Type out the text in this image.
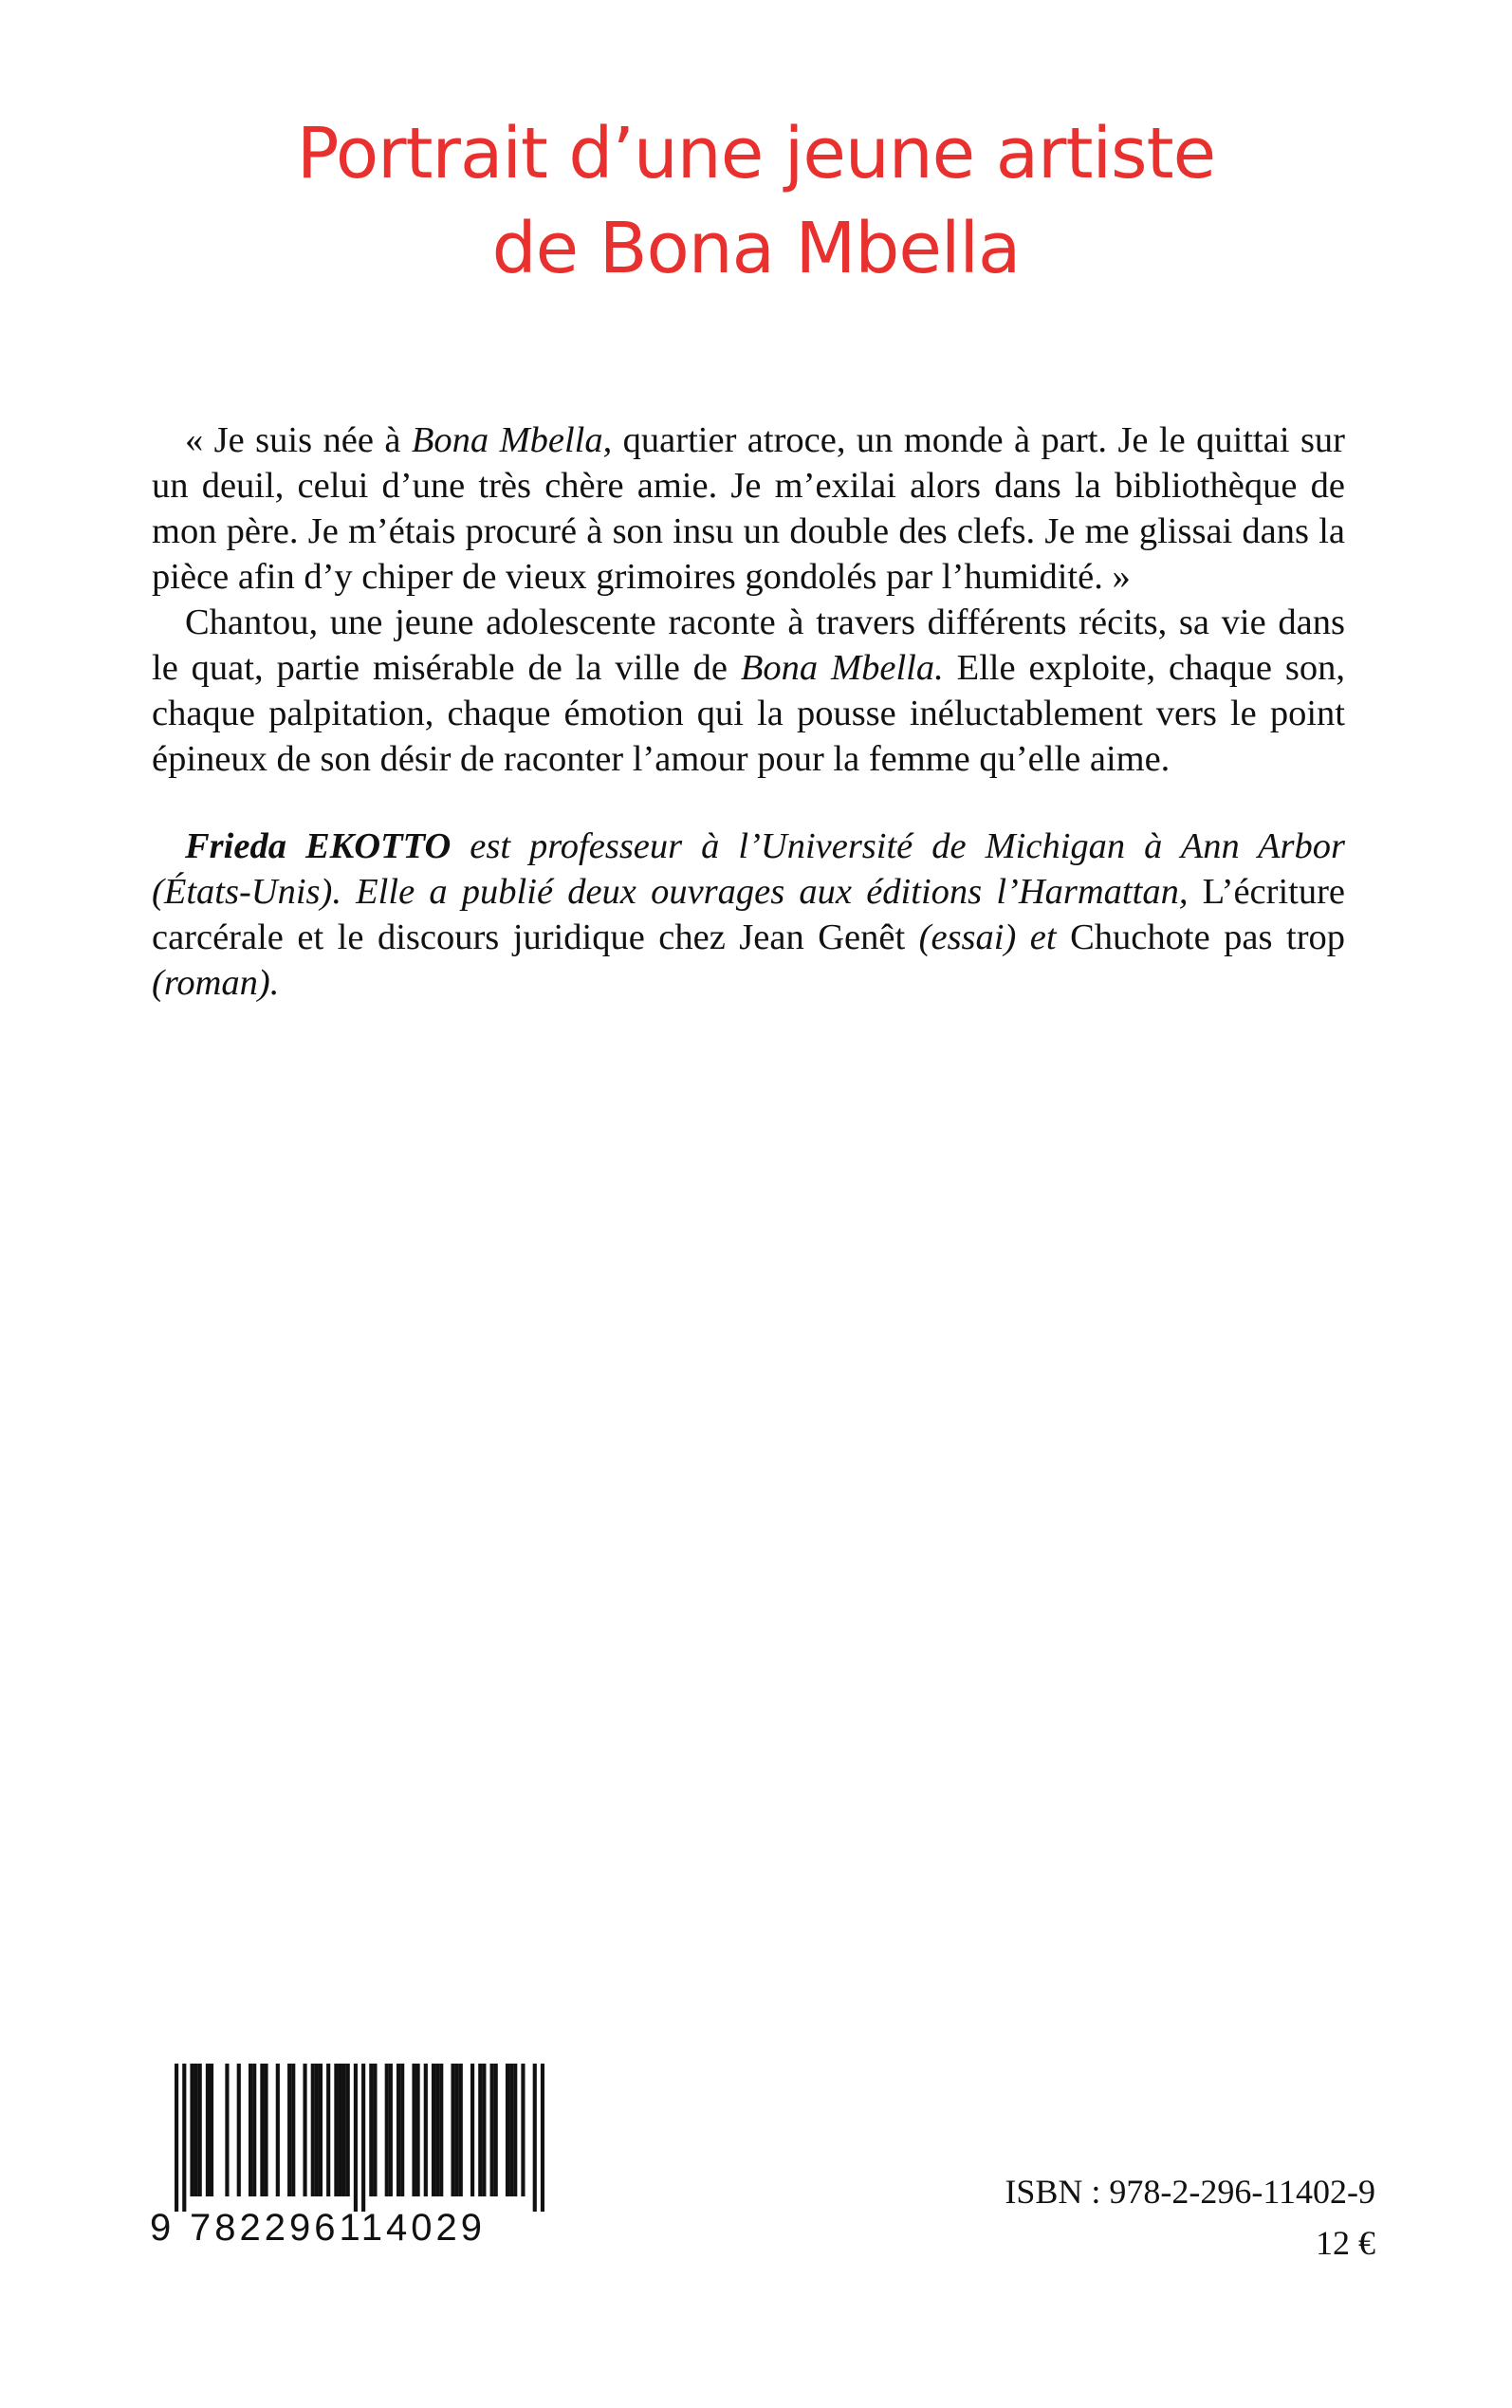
Portrait d’une jeune artiste
de Bona Mbella

« Je suis née à Bona Mbella, quartier atroce, un monde à part. Je le quittai sur un deuil, celui d’une très chère amie. Je m’exilai alors dans la bibliothèque de mon père. Je m’étais procuré à son insu un double des clefs. Je me glissai dans la pièce afin d’y chiper de vieux grimoires gondolés par l’humidité. »

Chantou, une jeune adolescente raconte à travers différents récits, sa vie dans le quat, partie misérable de la ville de Bona Mbella. Elle exploite, chaque son, chaque palpitation, chaque émotion qui la pousse inéluctablement vers le point épineux de son désir de raconter l’amour pour la femme qu’elle aime.

Frieda EKOTTO est professeur à l’Université de Michigan à Ann Arbor (États-Unis). Elle a publié deux ouvrages aux éditions l’Harmattan, L’écriture carcérale et le discours juridique chez Jean Genêt (essai) et Chuchote pas trop (roman).

9 782296114029
ISBN : 978-2-296-11402-9
12 €
